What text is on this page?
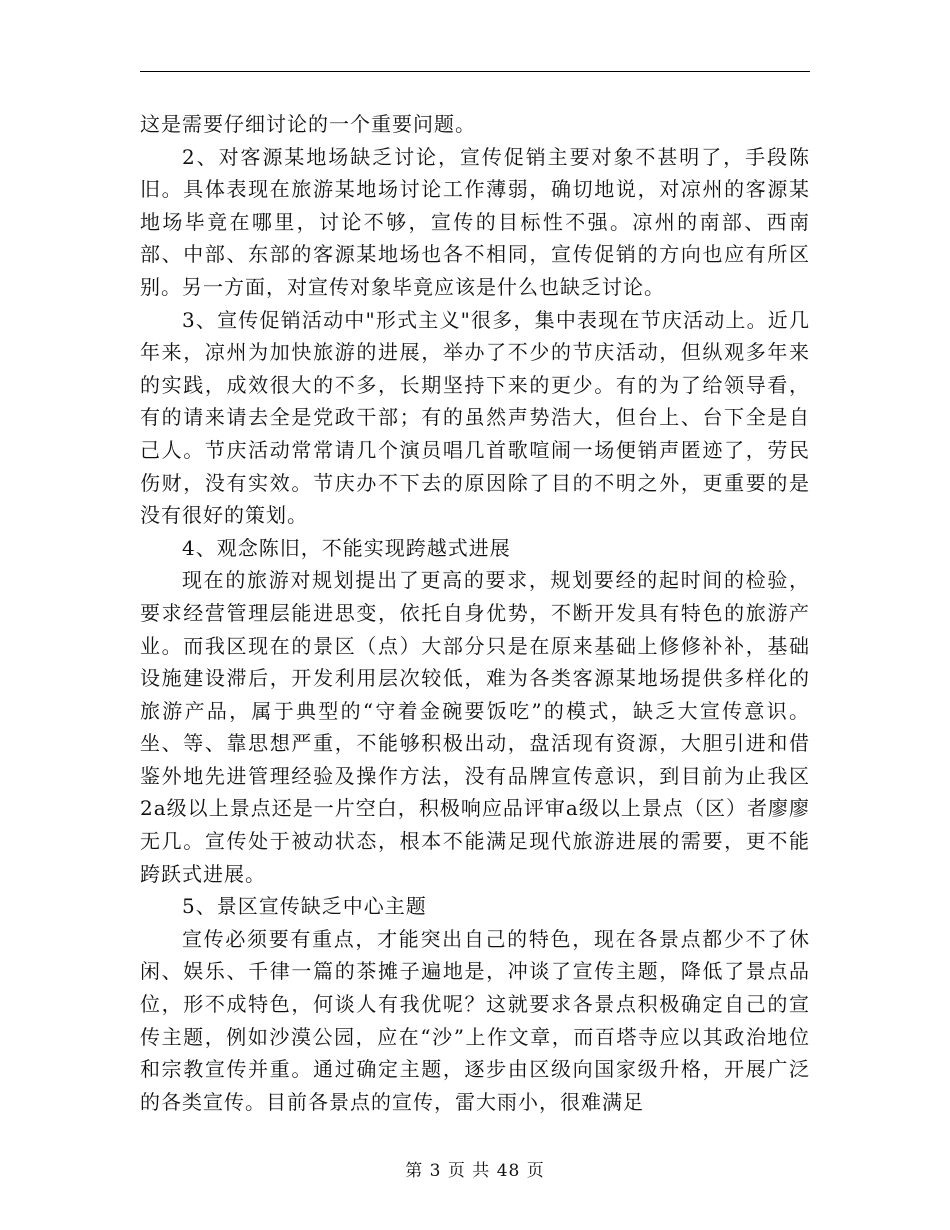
这是需要仔细讨论的一个重要问题。

2、对客源某地场缺乏讨论，宣传促销主要对象不甚明了，手段陈旧。具体表现在旅游某地场讨论工作薄弱，确切地说，对凉州的客源某地场毕竟在哪里，讨论不够，宣传的目标性不强。凉州的南部、西南部、中部、东部的客源某地场也各不相同，宣传促销的方向也应有所区别。另一方面，对宣传对象毕竟应该是什么也缺乏讨论。

3、宣传促销活动中"形式主义"很多，集中表现在节庆活动上。近几年来，凉州为加快旅游的进展，举办了不少的节庆活动，但纵观多年来的实践，成效很大的不多，长期坚持下来的更少。有的为了给领导看，有的请来请去全是党政干部；有的虽然声势浩大，但台上、台下全是自己人。节庆活动常常请几个演员唱几首歌喧闹一场便销声匿迹了，劳民伤财，没有实效。节庆办不下去的原因除了目的不明之外，更重要的是没有很好的策划。

4、观念陈旧，不能实现跨越式进展

现在的旅游对规划提出了更高的要求，规划要经的起时间的检验，要求经营管理层能进思变，依托自身优势，不断开发具有特色的旅游产业。而我区现在的景区（点）大部分只是在原来基础上修修补补，基础设施建设滞后，开发利用层次较低，难为各类客源某地场提供多样化的旅游产品，属于典型的“守着金碗要饭吃”的模式，缺乏大宣传意识。坐、等、靠思想严重，不能够积极出动，盘活现有资源，大胆引进和借鉴外地先进管理经验及操作方法，没有品牌宣传意识，到目前为止我区2a级以上景点还是一片空白，积极响应品评审a级以上景点（区）者廖廖无几。宣传处于被动状态，根本不能满足现代旅游进展的需要，更不能跨跃式进展。

5、景区宣传缺乏中心主题

宣传必须要有重点，才能突出自己的特色，现在各景点都少不了休闲、娱乐、千律一篇的茶摊子遍地是，冲谈了宣传主题，降低了景点品位，形不成特色，何谈人有我优呢？这就要求各景点积极确定自己的宣传主题，例如沙漠公园，应在“沙”上作文章，而百塔寺应以其政治地位和宗教宣传并重。通过确定主题，逐步由区级向国家级升格，开展广泛的各类宣传。目前各景点的宣传，雷大雨小，很难满足

第 3 页 共 48 页
